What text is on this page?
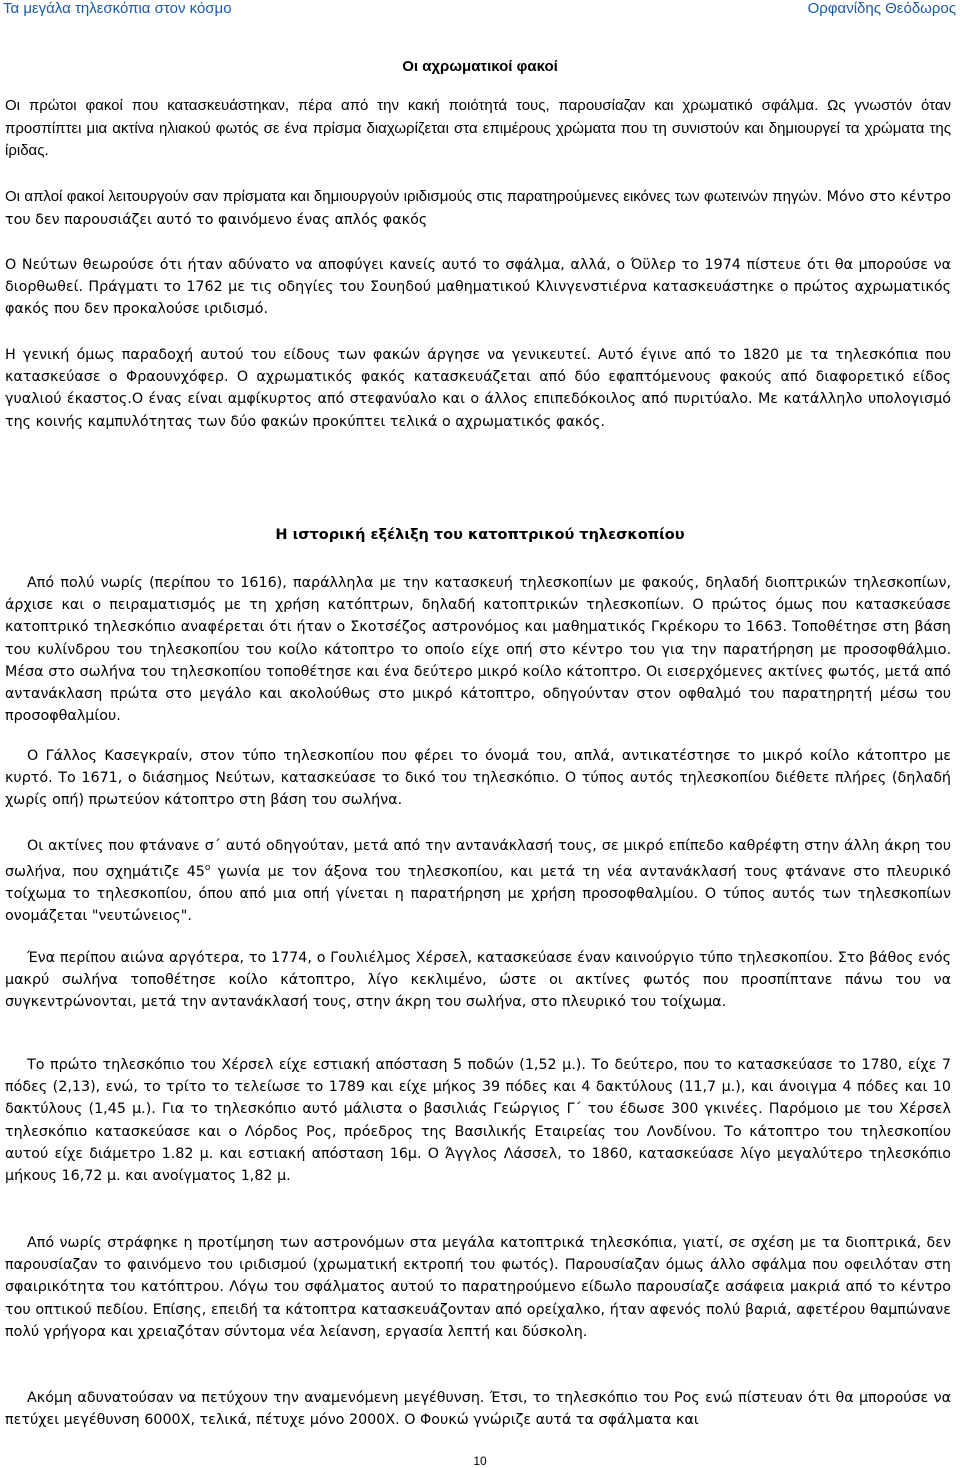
Τα μεγάλα τηλεσκόπια στον κόσμο	Ορφανίδης Θεόδωρος
Οι αχρωματικοί φακοί

Οι πρώτοι φακοί που κατασκευάστηκαν, πέρα από την κακή ποιότητά τους, παρουσίαζαν και χρωματικό σφάλμα. Ως γνωστόν όταν προσπίπτει μια ακτίνα ηλιακού φωτός σε ένα πρίσμα διαχωρίζεται στα επιμέρους χρώματα που τη συνιστούν και δημιουργεί τα χρώματα της ίριδας.

Οι απλοί φακοί λειτουργούν σαν πρίσματα και δημιουργούν ιριδισμούς στις παρατηρούμενες εικόνες των φωτεινών πηγών. Μόνο στο κέντρο του δεν παρουσιάζει αυτό το φαινόμενο ένας απλός φακός

Ο Νεύτων θεωρούσε ότι ήταν αδύνατο να αποφύγει κανείς αυτό το σφάλμα, αλλά, ο Όϋλερ το 1974 πίστευε ότι θα μπορούσε να διορθωθεί. Πράγματι το 1762 με τις οδηγίες του Σουηδού μαθηματικού Κλινγενστιέρνα κατασκευάστηκε ο πρώτος αχρωματικός φακός που δεν προκαλούσε ιριδισμό.

Η γενική όμως παραδοχή αυτού του είδους των φακών άργησε να γενικευτεί. Αυτό έγινε από το 1820 με τα τηλεσκόπια που κατασκεύασε ο Φραουνχόφερ. Ο αχρωματικός φακός κατασκευάζεται από δύο εφαπτόμενους φακούς από διαφορετικό είδος γυαλιού έκαστος.Ο ένας είναι αμφίκυρτος από στεφανύαλο και ο άλλος επιπεδόκοιλος από πυριτύαλο. Με κατάλληλο υπολογισμό της κοινής καμπυλότητας των δύο φακών προκύπτει τελικά ο αχρωματικός φακός.

Η ιστορική εξέλιξη του κατοπτρικού τηλεσκοπίου

Από πολύ νωρίς (περίπου το 1616), παράλληλα με την κατασκευή τηλεσκοπίων με φακούς, δηλαδή διοπτρικών τηλεσκοπίων, άρχισε και ο πειραματισμός με τη χρήση κατόπτρων, δηλαδή κατοπτρικών τηλεσκοπίων. Ο πρώτος όμως που κατασκεύασε κατοπτρικό τηλεσκόπιο αναφέρεται ότι ήταν ο Σκοτσέζος αστρονόμος και μαθηματικός Γκρέκορυ το 1663. Τοποθέτησε στη βάση του κυλίνδρου του τηλεσκοπίου του κοίλο κάτοπτρο το οποίο είχε οπή στο κέντρο του για την παρατήρηση με προσοφθάλμιο. Μέσα στο σωλήνα του τηλεσκοπίου τοποθέτησε και ένα δεύτερο μικρό κοίλο κάτοπτρο. Οι εισερχόμενες ακτίνες φωτός, μετά από αντανάκλαση πρώτα στο μεγάλο και ακολούθως στο μικρό κάτοπτρο, οδηγούνταν στον οφθαλμό του παρατηρητή μέσω του προσοφθαλμίου.

Ο Γάλλος Κασεγκραίν, στον τύπο τηλεσκοπίου που φέρει το όνομά του, απλά, αντικατέστησε το μικρό κοίλο κάτοπτρο με κυρτό. Το 1671, ο διάσημος Νεύτων, κατασκεύασε το δικό του τηλεσκόπιο. Ο τύπος αυτός τηλεσκοπίου διέθετε πλήρες (δηλαδή χωρίς οπή) πρωτεύον κάτοπτρο στη βάση του σωλήνα.

Οι ακτίνες που φτάνανε σ΄ αυτό οδηγούταν, μετά από την αντανάκλασή τους, σε μικρό επίπεδο καθρέφτη στην άλλη άκρη του σωλήνα, που σχημάτιζε $45^o$ γωνία με τον άξονα του τηλεσκοπίου, και μετά τη νέα αντανάκλασή τους φτάνανε στο πλευρικό τοίχωμα το τηλεσκοπίου, όπου από μια οπή γίνεται η παρατήρηση με χρήση προσοφθαλμίου. Ο τύπος αυτός των τηλεσκοπίων ονομάζεται "νευτώνειος".

Ένα περίπου αιώνα αργότερα, το 1774, ο Γουλιέλμος Χέρσελ, κατασκεύασε έναν καινούργιο τύπο τηλεσκοπίου. Στο βάθος ενός μακρύ σωλήνα τοποθέτησε κοίλο κάτοπτρο, λίγο κεκλιμένο, ώστε οι ακτίνες φωτός που προσπίπτανε πάνω του να συγκεντρώνονται, μετά την αντανάκλασή τους, στην άκρη του σωλήνα, στο πλευρικό του τοίχωμα.

Το πρώτο τηλεσκόπιο του Χέρσελ είχε εστιακή απόσταση 5 ποδών (1,52 μ.). Το δεύτερο, που το κατασκεύασε το 1780, είχε 7 πόδες (2,13), ενώ, το τρίτο το τελείωσε το 1789 και είχε μήκος 39 πόδες και 4 δακτύλους (11,7 μ.), και άνοιγμα 4 πόδες και 10 δακτύλους (1,45 μ.). Για το τηλεσκόπιο αυτό μάλιστα ο βασιλιάς Γεώργιος Γ΄ του έδωσε 300 γκινέες. Παρόμοιο με του Χέρσελ τηλεσκόπιο κατασκεύασε και ο Λόρδος Ρος, πρόεδρος της Βασιλικής Εταιρείας του Λονδίνου. Το κάτοπτρο του τηλεσκοπίου αυτού είχε διάμετρο 1.82 μ. και εστιακή απόσταση 16μ. Ο Άγγλος Λάσσελ, το 1860, κατασκεύασε λίγο μεγαλύτερο τηλεσκόπιο μήκους 16,72 μ. και ανοίγματος 1,82 μ.

Από νωρίς στράφηκε η προτίμηση των αστρονόμων στα μεγάλα κατοπτρικά τηλεσκόπια, γιατί, σε σχέση με τα διοπτρικά, δεν παρουσίαζαν το φαινόμενο του ιριδισμού (χρωματική εκτροπή του φωτός). Παρουσίαζαν όμως άλλο σφάλμα που οφειλόταν στη σφαιρικότητα του κατόπτρου. Λόγω του σφάλματος αυτού το παρατηρούμενο είδωλο παρουσίαζε ασάφεια μακριά από το κέντρο του οπτικού πεδίου. Επίσης, επειδή τα κάτοπτρα κατασκευάζονταν από ορείχαλκο, ήταν αφενός πολύ βαριά, αφετέρου θαμπώνανε πολύ γρήγορα και χρειαζόταν σύντομα νέα λείανση, εργασία λεπτή και δύσκολη.

Ακόμη αδυνατούσαν να πετύχουν την αναμενόμενη μεγέθυνση. Έτσι, το τηλεσκόπιο του Ρος ενώ πίστευαν ότι θα μπορούσε να πετύχει μεγέθυνση 6000Χ, τελικά, πέτυχε μόνο 2000Χ. Ο Φουκώ γνώριζε αυτά τα σφάλματα και

10
